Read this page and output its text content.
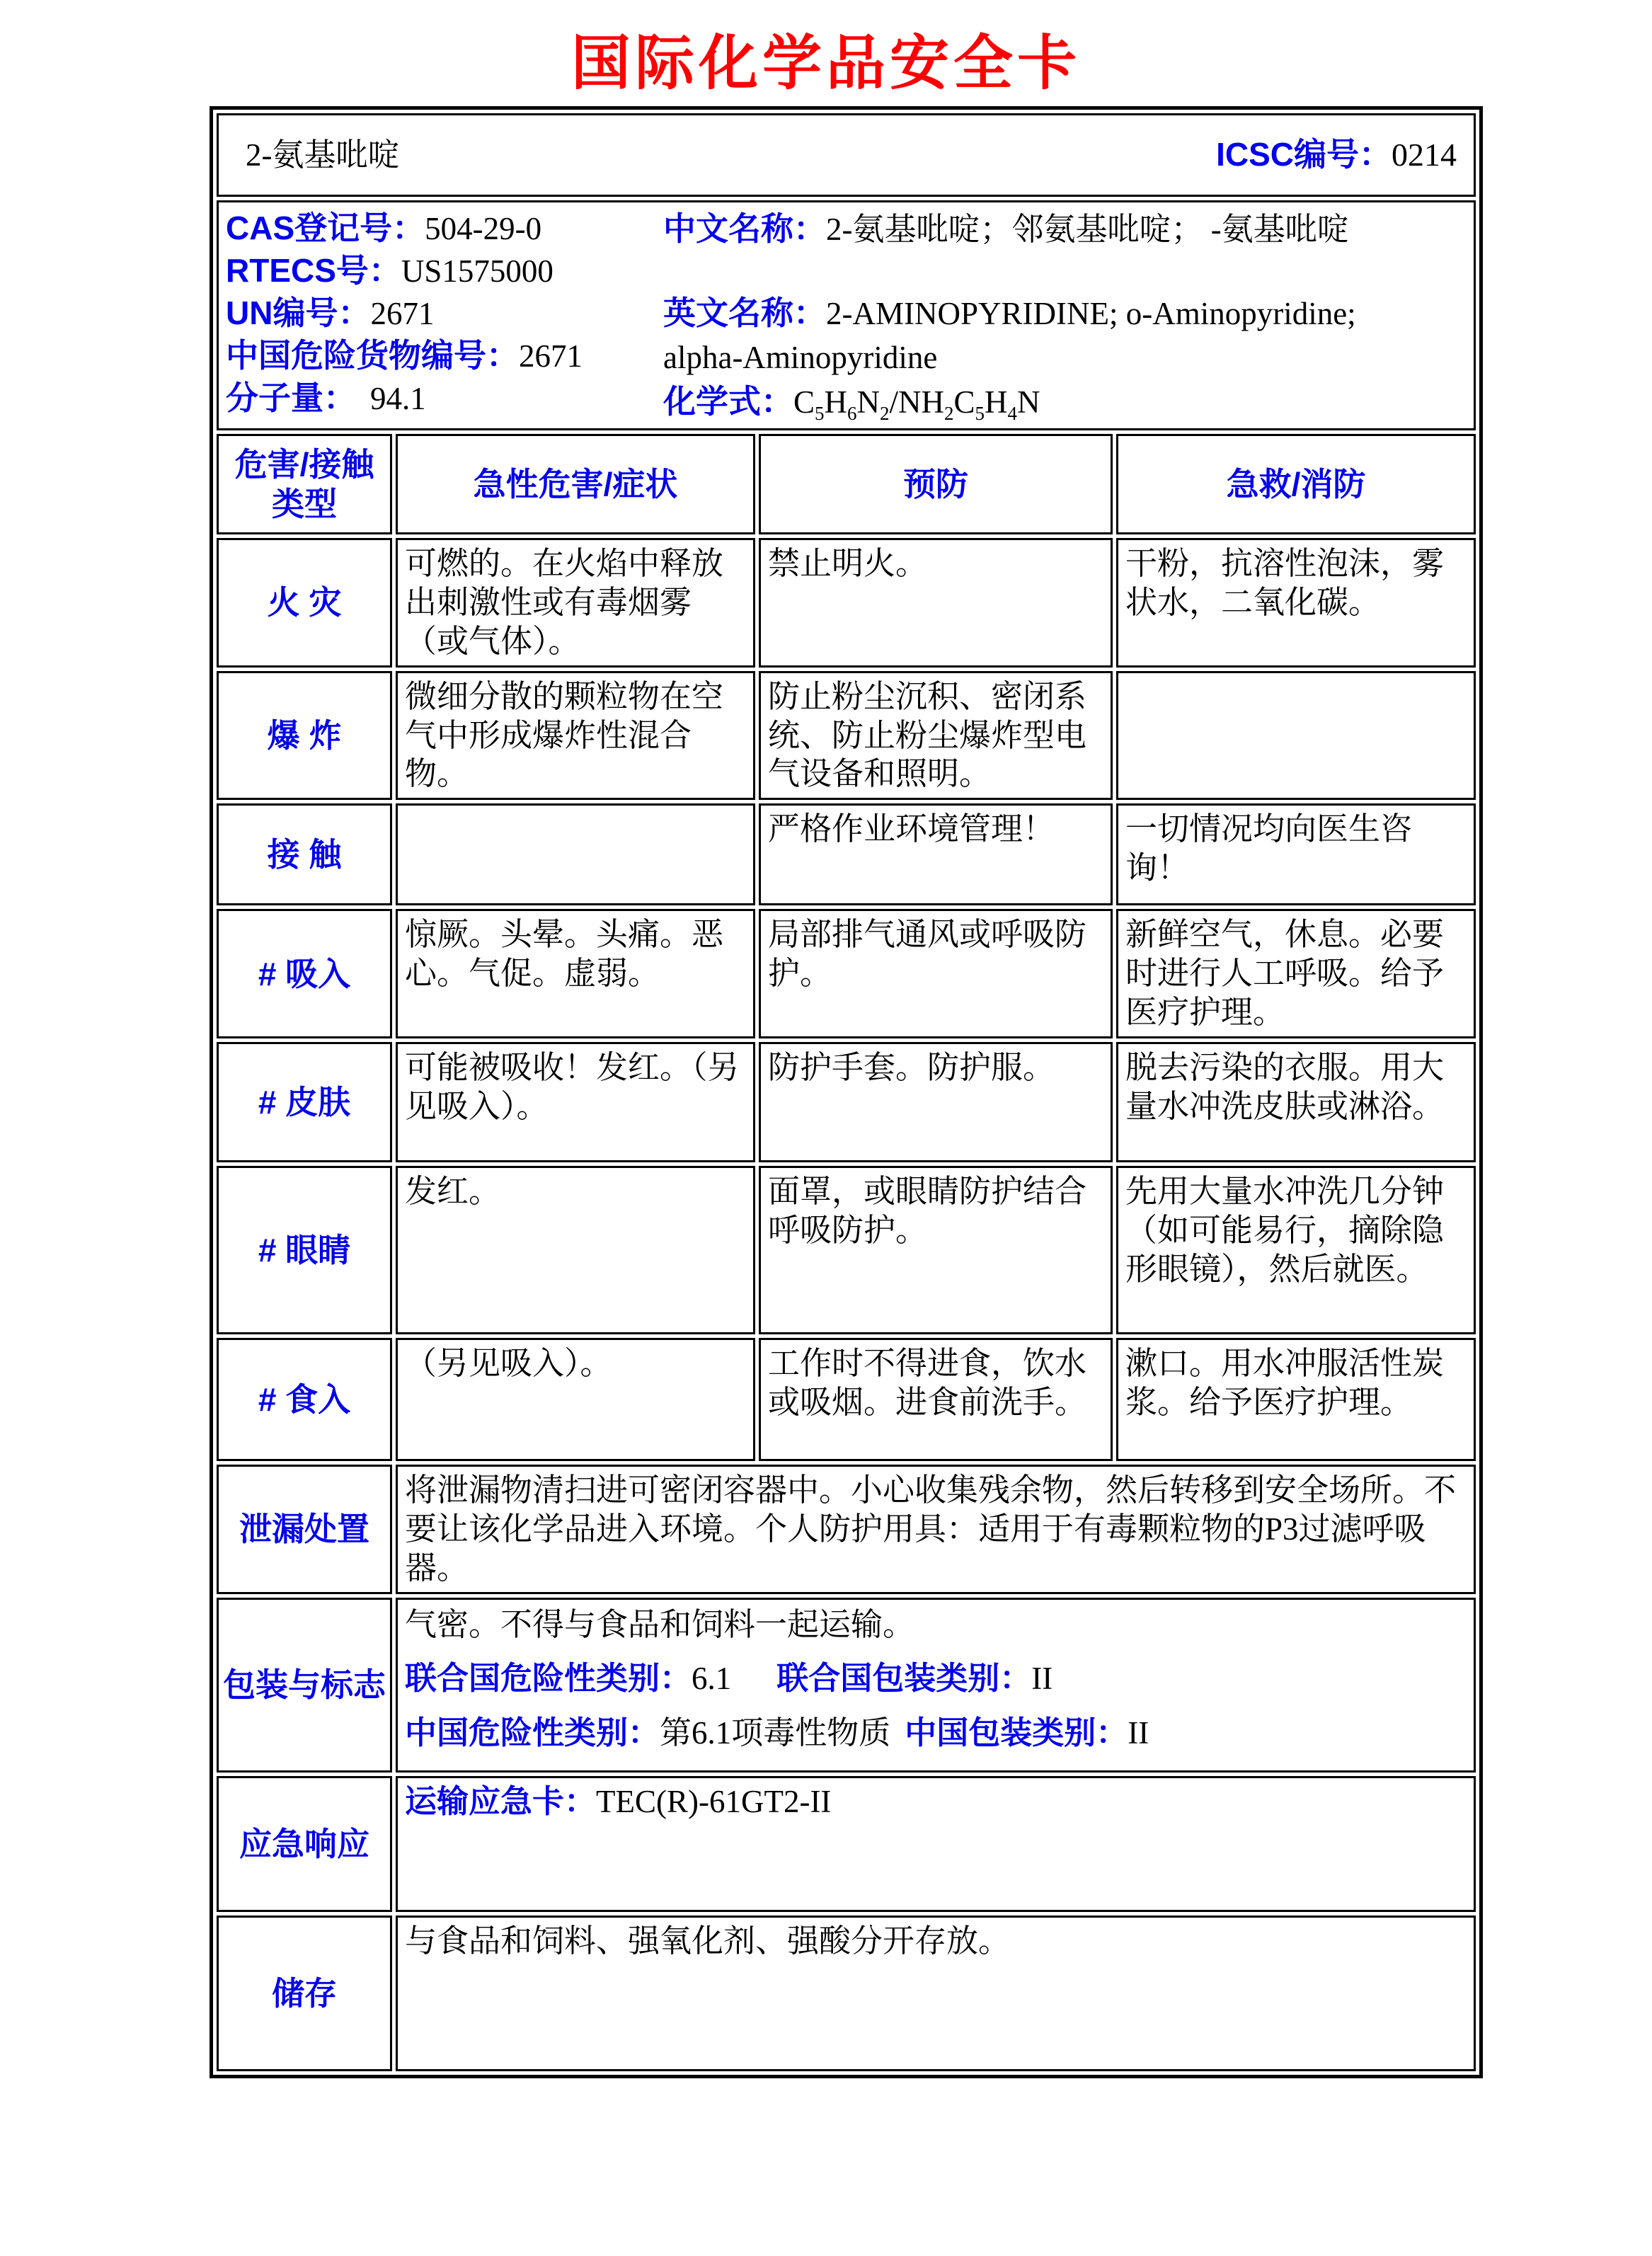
国际化学品安全卡
2-氨基吡啶 ICSC编号：0214			

CAS登记号：504-29-0
RTECS号：US1575000
UN编号：2671
中国危险货物编号：2671
分子量： 94.1

中文名称：2-氨基吡啶；邻氨基吡啶； -氨基吡啶

英文名称：2-AMINOPYRIDINE; o-Aminopyridine;
alpha-Aminopyridine

化学式：$C_5H_6N_2/NH_2C_5H_4N$

危害/接触
类型	急性危害/症状	预防	急救/消防
火 灾	可燃的。在火焰中释放出刺激性或有毒烟雾（或气体）。	禁止明火。	干粉，抗溶性泡沫，雾状水，二氧化碳。
爆 炸	微细分散的颗粒物在空气中形成爆炸性混合物。	防止粉尘沉积、密闭系统、防止粉尘爆炸型电气设备和照明。	
接 触		严格作业环境管理！	一切情况均向医生咨询！
# 吸入	惊厥。头晕。头痛。恶心。气促。虚弱。	局部排气通风或呼吸防护。	新鲜空气，休息。必要时进行人工呼吸。给予医疗护理。
# 皮肤	可能被吸收！发红。（另见吸入）。	防护手套。防护服。	脱去污染的衣服。用大量水冲洗皮肤或淋浴。
# 眼睛	发红。	面罩，或眼睛防护结合呼吸防护。	先用大量水冲洗几分钟（如可能易行，摘除隐形眼镜），然后就医。
# 食入	（另见吸入）。	工作时不得进食，饮水或吸烟。进食前洗手。	漱口。用水冲服活性炭浆。给予医疗护理。
泄漏处置	将泄漏物清扫进可密闭容器中。小心收集残余物，然后转移到安全场所。不要让该化学品进入环境。个人防护用具：适用于有毒颗粒物的P3过滤呼吸器。		
包装与标志	气密。不得与食品和饲料一起运输。

联合国危险性类别：6.1 联合国包装类别：II

中国危险性类别：第6.1项毒性物质 中国包装类别：II		

应急响应	运输应急卡：TEC(R)-61GT2-II		
储存	与食品和饲料、强氧化剂、强酸分开存放。		
